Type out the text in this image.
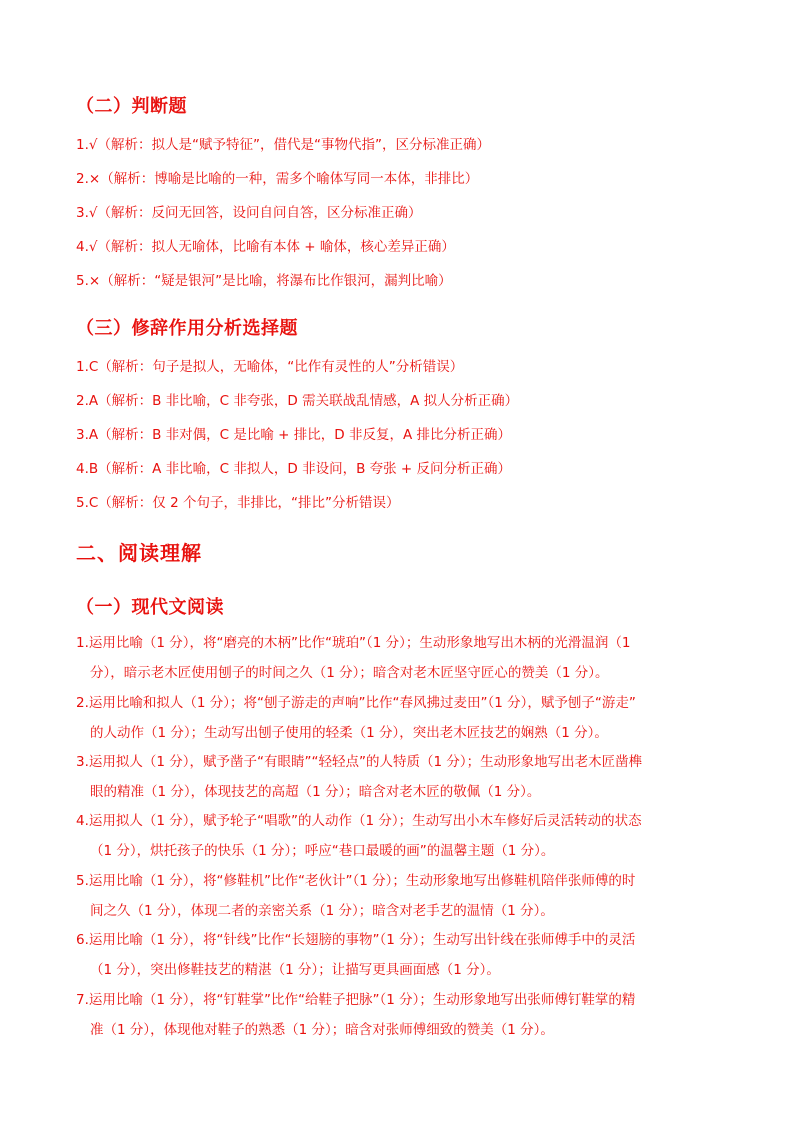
（二）判断题
1.√（解析：拟人是“赋予特征”，借代是“事物代指”，区分标准正确）
2.×（解析：博喻是比喻的一种，需多个喻体写同一本体，非排比）
3.√（解析：反问无回答，设问自问自答，区分标准正确）
4.√（解析：拟人无喻体，比喻有本体 + 喻体，核心差异正确）
5.×（解析：“疑是银河”是比喻，将瀑布比作银河，漏判比喻）
（三）修辞作用分析选择题
1.C（解析：句子是拟人，无喻体，“比作有灵性的人”分析错误）
2.A（解析：B 非比喻，C 非夸张，D 需关联战乱情感，A 拟人分析正确）
3.A（解析：B 非对偶，C 是比喻 + 排比，D 非反复，A 排比分析正确）
4.B（解析：A 非比喻，C 非拟人，D 非设问，B 夸张 + 反问分析正确）
5.C（解析：仅 2 个句子，非排比，“排比”分析错误）
二、阅读理解
（一）现代文阅读
1.运用比喻（1 分），将“磨亮的木柄”比作“琥珀”（1 分）；生动形象地写出木柄的光滑温润（1
分），暗示老木匠使用刨子的时间之久（1 分）；暗含对老木匠坚守匠心的赞美（1 分）。
2.运用比喻和拟人（1 分）；将“刨子游走的声响”比作“春风拂过麦田”（1 分），赋予刨子“游走”
的人动作（1 分）；生动写出刨子使用的轻柔（1 分），突出老木匠技艺的娴熟（1 分）。
3.运用拟人（1 分），赋予凿子“有眼睛”“轻轻点”的人特质（1 分）；生动形象地写出老木匠凿榫
眼的精准（1 分），体现技艺的高超（1 分）；暗含对老木匠的敬佩（1 分）。
4.运用拟人（1 分），赋予轮子“唱歌”的人动作（1 分）；生动写出小木车修好后灵活转动的状态
（1 分），烘托孩子的快乐（1 分）；呼应“巷口最暖的画”的温馨主题（1 分）。
5.运用比喻（1 分），将“修鞋机”比作“老伙计”（1 分）；生动形象地写出修鞋机陪伴张师傅的时
间之久（1 分），体现二者的亲密关系（1 分）；暗含对老手艺的温情（1 分）。
6.运用比喻（1 分），将“针线”比作“长翅膀的事物”（1 分）；生动写出针线在张师傅手中的灵活
（1 分），突出修鞋技艺的精湛（1 分）；让描写更具画面感（1 分）。
7.运用比喻（1 分），将“钉鞋掌”比作“给鞋子把脉”（1 分）；生动形象地写出张师傅钉鞋掌的精
准（1 分），体现他对鞋子的熟悉（1 分）；暗含对张师傅细致的赞美（1 分）。
